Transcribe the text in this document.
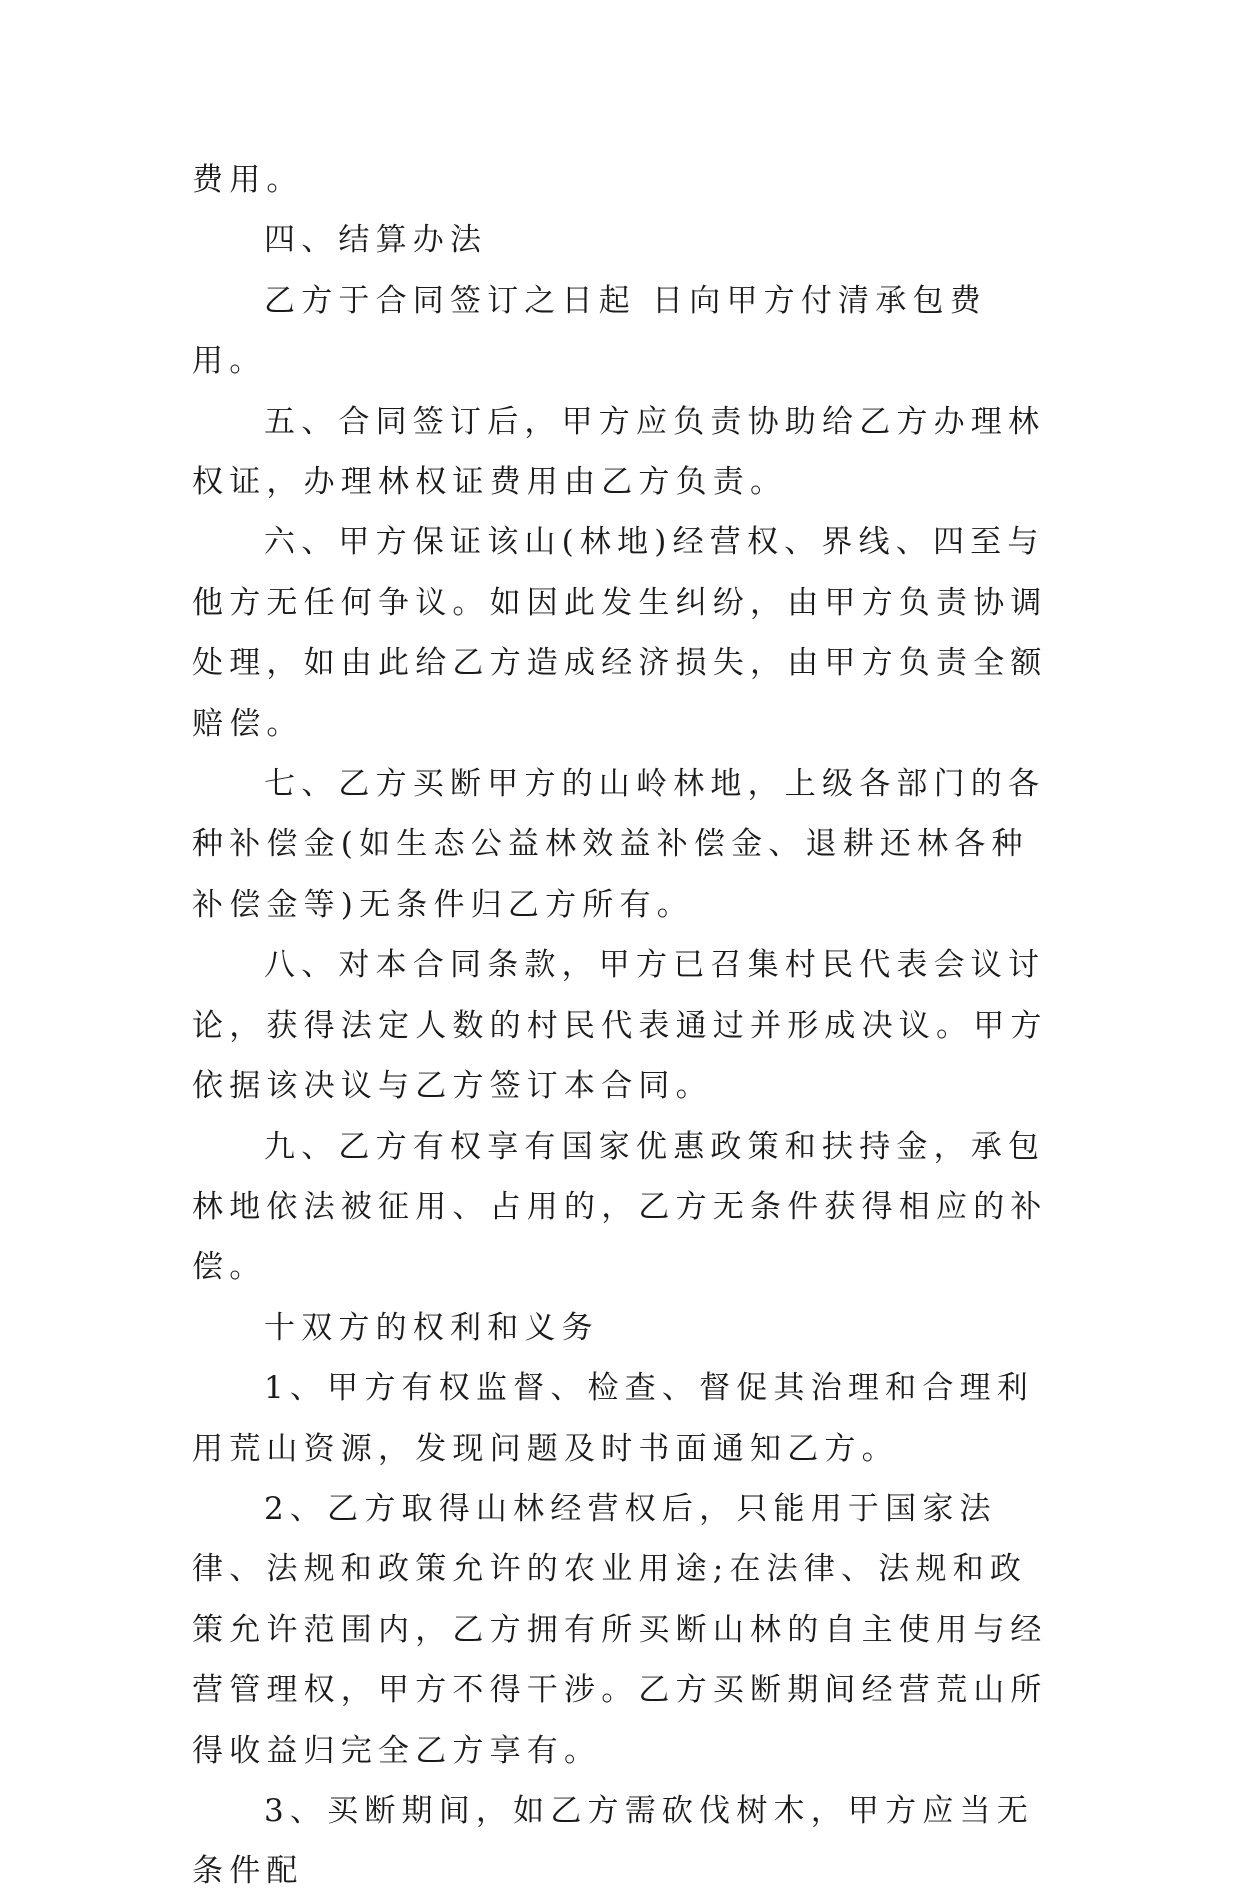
费用。

四、结算办法

乙方于合同签订之日起 日向甲方付清承包费用。

五、合同签订后，甲方应负责协助给乙方办理林权证，办理林权证费用由乙方负责。

六、甲方保证该山(林地)经营权、界线、四至与他方无任何争议。如因此发生纠纷，由甲方负责协调处理，如由此给乙方造成经济损失，由甲方负责全额赔偿。

七、乙方买断甲方的山岭林地，上级各部门的各种补偿金(如生态公益林效益补偿金、退耕还林各种补偿金等)无条件归乙方所有。

八、对本合同条款，甲方已召集村民代表会议讨论，获得法定人数的村民代表通过并形成决议。甲方依据该决议与乙方签订本合同。

九、乙方有权享有国家优惠政策和扶持金，承包林地依法被征用、占用的，乙方无条件获得相应的补偿。

十双方的权利和义务

1、甲方有权监督、检查、督促其治理和合理利用荒山资源，发现问题及时书面通知乙方。

2、乙方取得山林经营权后，只能用于国家法律、法规和政策允许的农业用途;在法律、法规和政策允许范围内，乙方拥有所买断山林的自主使用与经营管理权，甲方不得干涉。乙方买断期间经营荒山所得收益归完全乙方享有。

3、买断期间，如乙方需砍伐树木，甲方应当无条件配
